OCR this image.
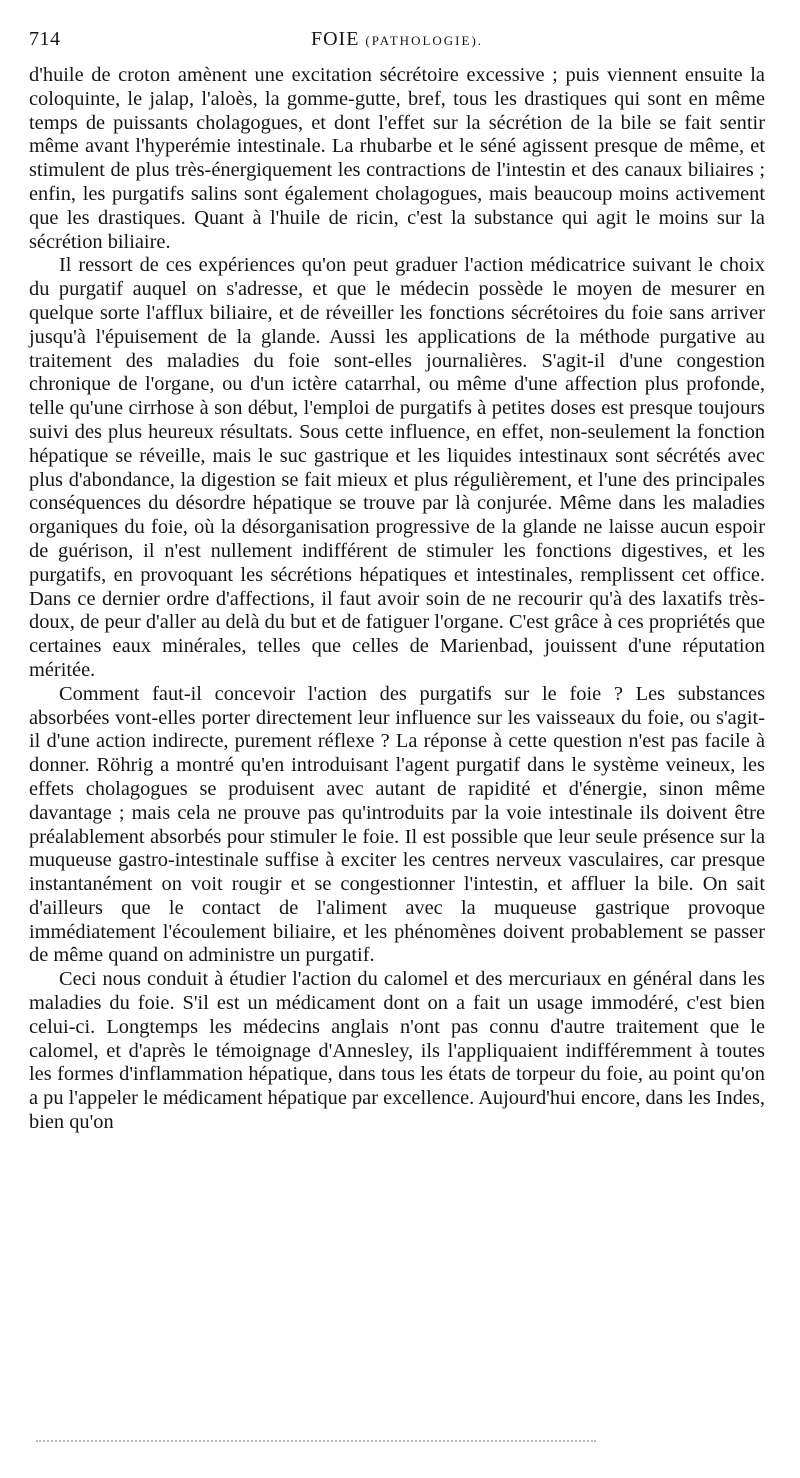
714	FOIE (PATHOLOGIE).

d'huile de croton amènent une excitation sécrétoire excessive ; puis viennent ensuite la coloquinte, le jalap, l'aloès, la gomme-gutte, bref, tous les drastiques qui sont en même temps de puissants cholagogues, et dont l'effet sur la sécrétion de la bile se fait sentir même avant l'hyperémie intestinale. La rhubarbe et le séné agissent presque de même, et stimulent de plus très-énergiquement les contractions de l'intestin et des canaux biliaires ; enfin, les purgatifs salins sont également cholagogues, mais beaucoup moins activement que les drastiques. Quant à l'huile de ricin, c'est la substance qui agit le moins sur la sécrétion biliaire.

Il ressort de ces expériences qu'on peut graduer l'action médicatrice suivant le choix du purgatif auquel on s'adresse, et que le médecin possède le moyen de mesurer en quelque sorte l'afflux biliaire, et de réveiller les fonctions sécrétoires du foie sans arriver jusqu'à l'épuisement de la glande. Aussi les applications de la méthode purgative au traitement des maladies du foie sont-elles journalières. S'agit-il d'une congestion chronique de l'organe, ou d'un ictère catarrhal, ou même d'une affection plus profonde, telle qu'une cirrhose à son début, l'emploi de purgatifs à petites doses est presque toujours suivi des plus heureux résultats. Sous cette influence, en effet, non-seulement la fonction hépatique se réveille, mais le suc gastrique et les liquides intestinaux sont sécrétés avec plus d'abondance, la digestion se fait mieux et plus régulièrement, et l'une des principales conséquences du désordre hépatique se trouve par là conjurée. Même dans les maladies organiques du foie, où la désorganisation progressive de la glande ne laisse aucun espoir de guérison, il n'est nullement indifférent de stimuler les fonctions digestives, et les purgatifs, en provoquant les sécrétions hépatiques et intestinales, remplissent cet office. Dans ce dernier ordre d'affections, il faut avoir soin de ne recourir qu'à des laxatifs très-doux, de peur d'aller au delà du but et de fatiguer l'organe. C'est grâce à ces propriétés que certaines eaux minérales, telles que celles de Marienbad, jouissent d'une réputation méritée.

Comment faut-il concevoir l'action des purgatifs sur le foie ? Les substances absorbées vont-elles porter directement leur influence sur les vaisseaux du foie, ou s'agit-il d'une action indirecte, purement réflexe ? La réponse à cette question n'est pas facile à donner. Röhrig a montré qu'en introduisant l'agent purgatif dans le système veineux, les effets cholagogues se produisent avec autant de rapidité et d'énergie, sinon même davantage ; mais cela ne prouve pas qu'introduits par la voie intestinale ils doivent être préalablement absorbés pour stimuler le foie. Il est possible que leur seule présence sur la muqueuse gastro-intestinale suffise à exciter les centres nerveux vasculaires, car presque instantanément on voit rougir et se congestionner l'intestin, et affluer la bile. On sait d'ailleurs que le contact de l'aliment avec la muqueuse gastrique provoque immédiatement l'écoulement biliaire, et les phénomènes doivent probablement se passer de même quand on administre un purgatif.

Ceci nous conduit à étudier l'action du calomel et des mercuriaux en général dans les maladies du foie. S'il est un médicament dont on a fait un usage immodéré, c'est bien celui-ci. Longtemps les médecins anglais n'ont pas connu d'autre traitement que le calomel, et d'après le témoignage d'Annesley, ils l'appliquaient indifféremment à toutes les formes d'inflammation hépatique, dans tous les états de torpeur du foie, au point qu'on a pu l'appeler le médicament hépatique par excellence. Aujourd'hui encore, dans les Indes, bien qu'on
